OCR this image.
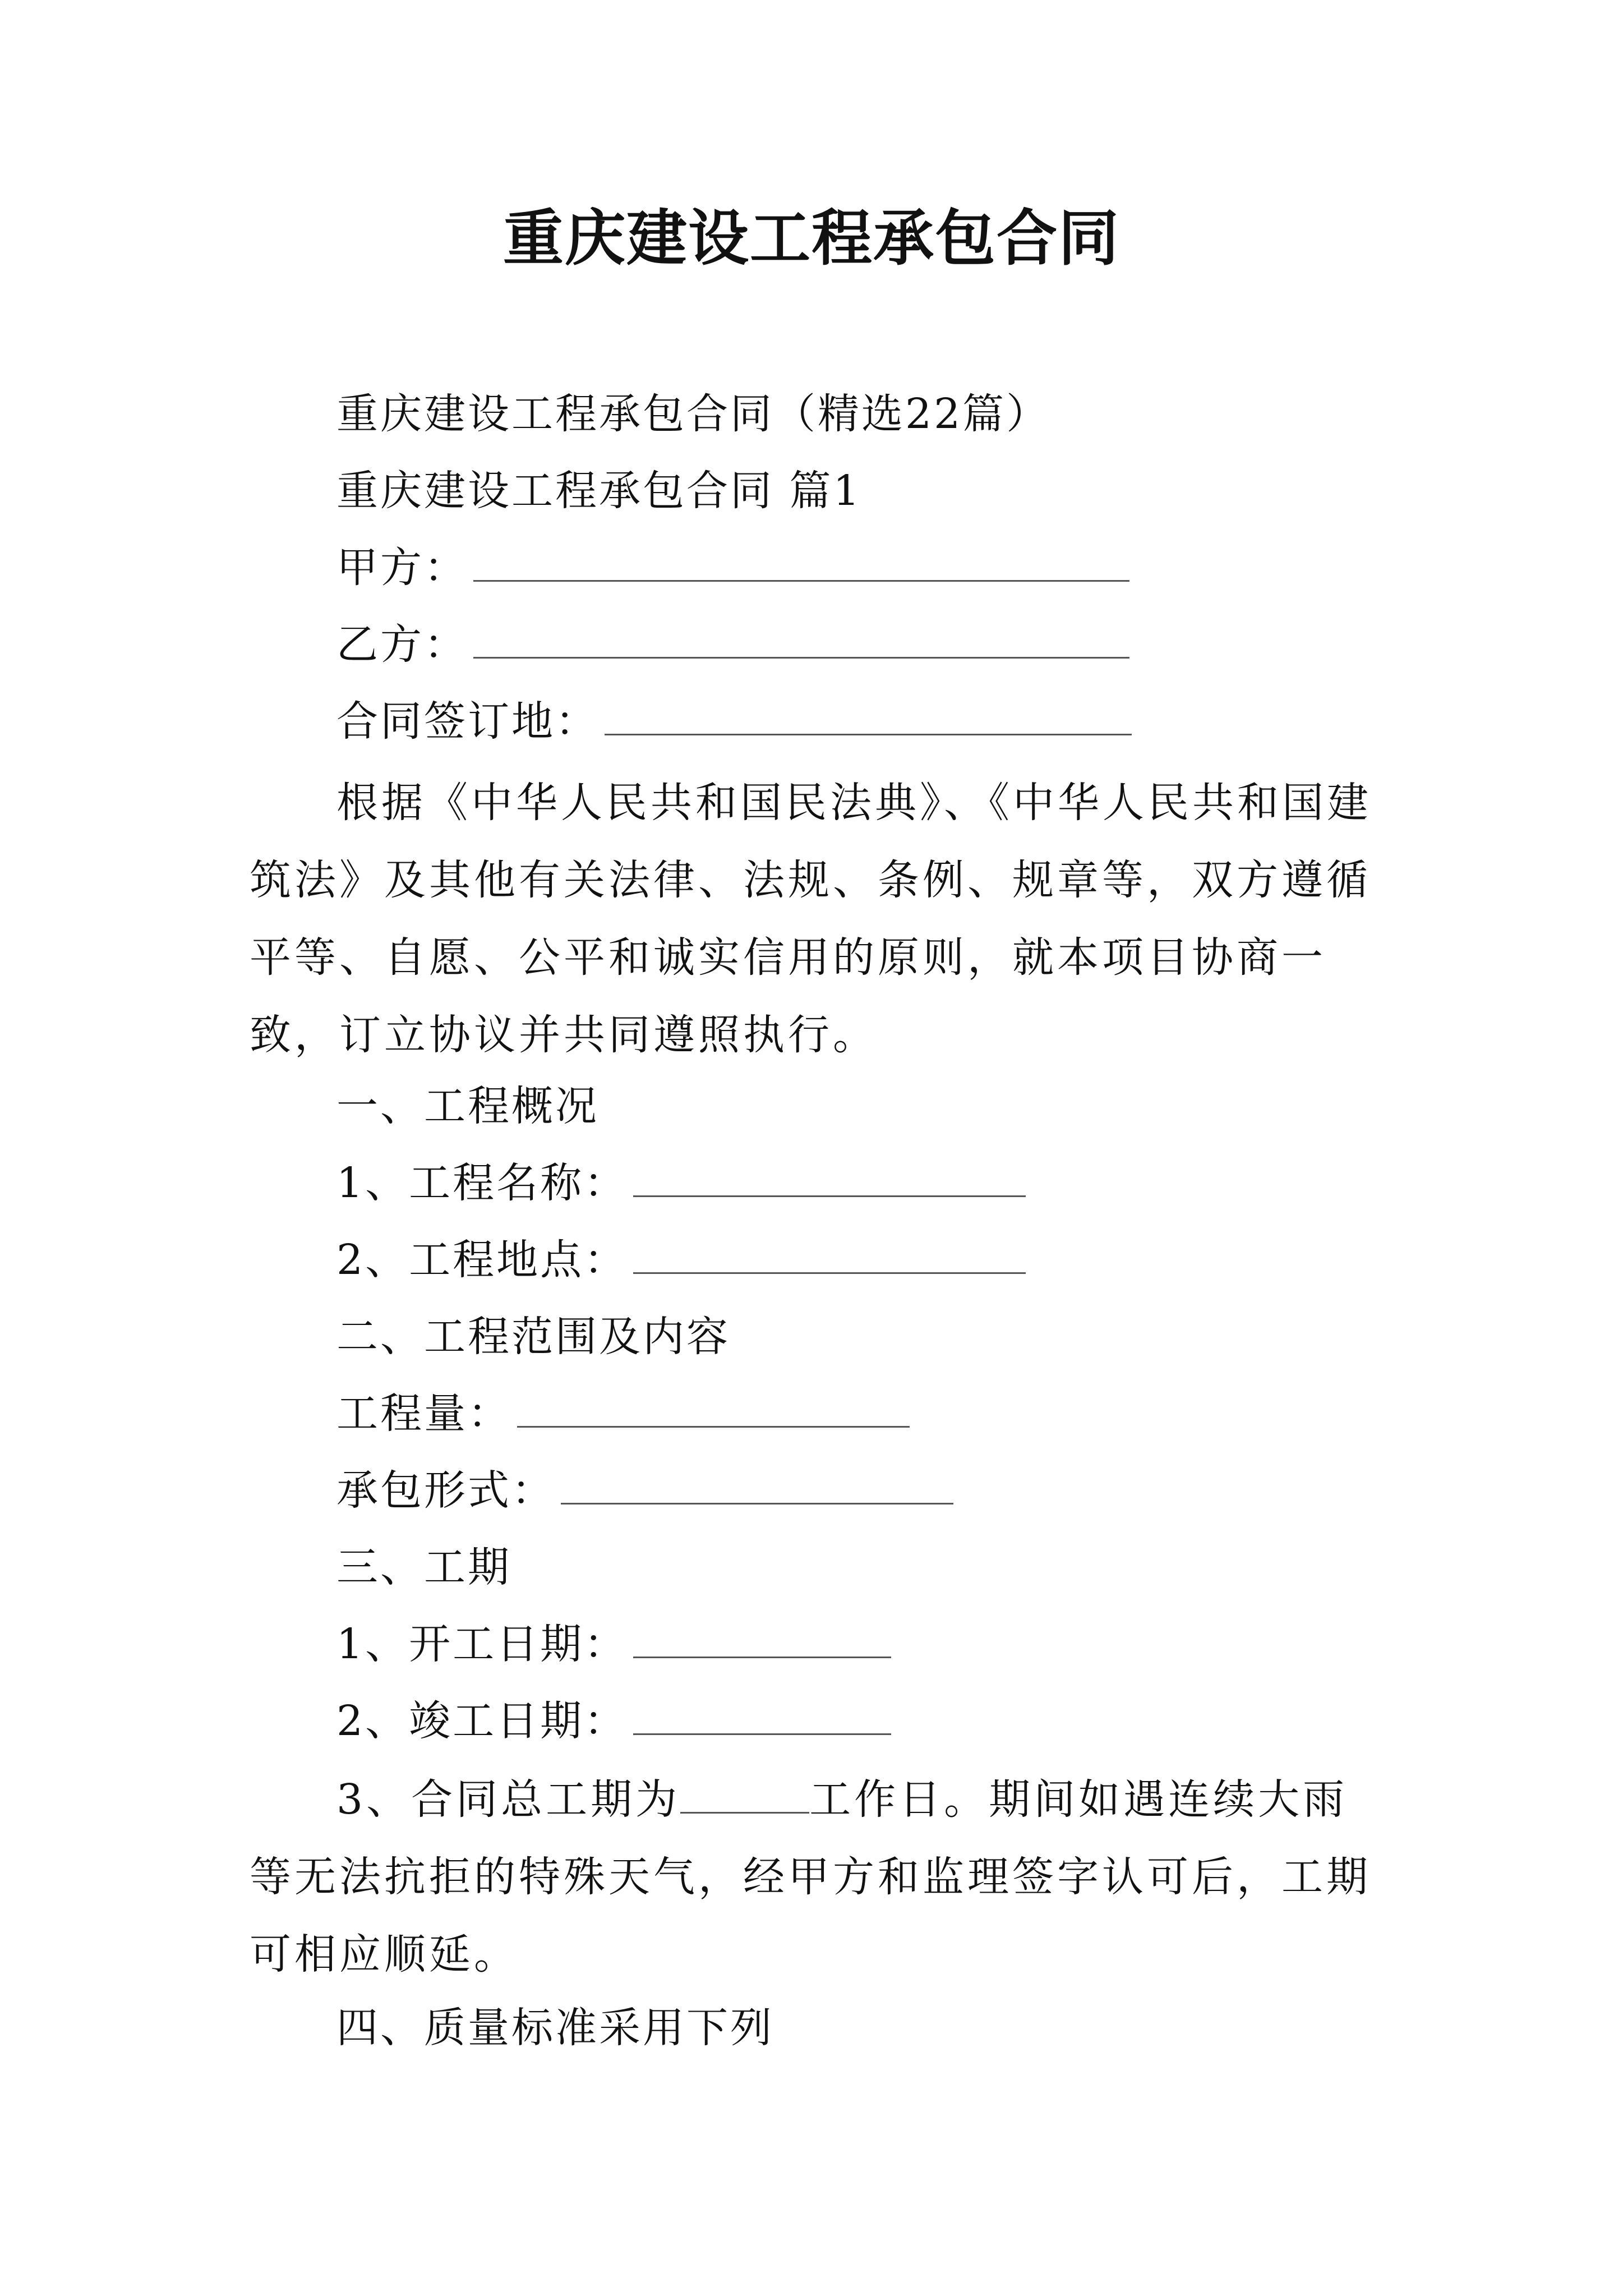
重庆建设工程承包合同
重庆建设工程承包合同（精选22篇）
重庆建设工程承包合同 篇1
甲方：
乙方：
合同签订地：

根据《中华人民共和国民法典》、《中华人民共和国建筑法》及其他有关法律、法规、条例、规章等，双方遵循平等、自愿、公平和诚实信用的原则，就本项目协商一致，订立协议并共同遵照执行。

一、工程概况
1、工程名称：
2、工程地点：
二、工程范围及内容
工程量：
承包形式：
三、工期
1、开工日期：
2、竣工日期：

3、合同总工期为	工作日。期间如遇连续大雨等无法抗拒的特殊天气，经甲方和监理签字认可后，工期可相应顺延。

四、质量标准采用下列
